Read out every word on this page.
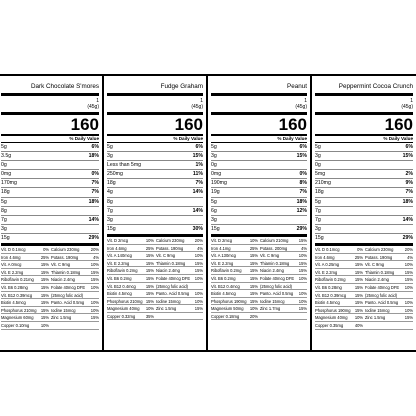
Dark Chocolate S'mores
1
(45g)
160
% Daily Value
5g	6%
3.5g	18%
0g
0mg	0%
170mg	7%
18g	7%
5g	18%
8g
7g	14%
3g
15g	29%
Vit. D 0.1mcg	0% Calcium 230mg	20%
Iron 4.6mg	25% Potass. 190mg	4%
Vit. A 0mcg	15% Vit. C 9mg	10%
Vit. E 2.2mg	15% Thiamin 0.18mg	15%
Riboflavin 0.21mg 15% Niacin 2.4mg	15%
Vit. B6 0.28mg	15% Folate 40mcg DFE 10%
Vit. B12 0.39mcg 15% (25mcg folic acid)
Biotin 4.5mcg	15% Panto. Acid 0.5mg 10%
Phosphorus 210mg 15% Iodine 15mcg	10%
Magnesium 60mg 15% Zinc 1.5mg	15%
Copper 0.10mg	10%
Fudge Graham
1
(45g)
160
% Daily Value
5g	6%
3g	15%
Less than 5mg	1%
250mg	11%
18g	7%
4g	14%
8g
7g	14%
3g
15g	30%
Vit. D 2mcg	10% Calcium 230mg	20%
Iron 4.6mg	25% Potass. 190mg	4%
Vit. A 140mcg	15% Vit. C 9mg	10%
Vit. E 2.2mg	15% Thiamin 0.18mg 15%
Riboflavin 0.2mg 15% Niacin 2.4mg	15%
Vit. B6 0.2mg	15% Folate 40mcg DFE 10%
Vit. B12 0.4mcg 15% (25mcg folic acid)
Biotin 4.5mcg	15% Panto. Acid 0.5mg 10%
Phosphorus 210mg 15% Iodine 15mcg	10%
Magnesium 40mg 10% Zinc 1.5mg	15%
Copper 0.32mg	35%
Peanut
1
(45g)
160
% Daily Value
5g	6%
3g	15%
0g
0mg	0%
190mg	8%
19g	7%
5g	18%
6g	12%
3g
15g	29%
Vit. D 2mcg	10% Calcium 210mg	15%
Iron 4.1mg	25% Potass. 200mg	4%
Vit. A 130mcg	15% Vit. C 9mg	10%
Vit. E 2.2mg	15% Thiamin 0.18mg 15%
Riboflavin 0.2mg 15% Niacin 2.4mg	15%
Vit. B6 0.2mg	15% Folate 40mcg DFE 10%
Vit. B12 0.4mcg 15% (25mcg folic acid)
Biotin 4.5mcg	15% Panto. Acid 0.5mg 10%
Phosphorus 190mg 15% Iodine 15mcg	10%
Magnesium 50mg 10% Zinc 1.7mg	15%
Copper 0.18mg	20%
Peppermint Cocoa Crunch
1
(45g)
160
% Daily Value
5g	6%
3g	15%
0g
5mg	2%
210mg	9%
18g	7%
5g	18%
7g
7g	14%
3g
15g	29%
Vit. D 0.1mcg	0% Calcium 230mg	20%
Iron 4.6mg	25% Potass. 190mg	4%
Vit. A 0.25mg	15% Vit. C 9mg	10%
Vit. E 2.2mg	15% Thiamin 0.18mg	15%
Riboflavin 0.2mg 15% Niacin 2.4mg	15%
Vit. B6 0.28mg	15% Folate 40mcg DFE 10%
Vit. B12 0.39mcg 15% (25mcg folic acid)
Biotin 4.5mcg	15% Panto. Acid 0.5mg 10%
Phosphorus 190mg 15% Iodine 15mcg	10%
Magnesium 40mg 10% Zinc 1.5mg	15%
Copper 0.35mg	40%
